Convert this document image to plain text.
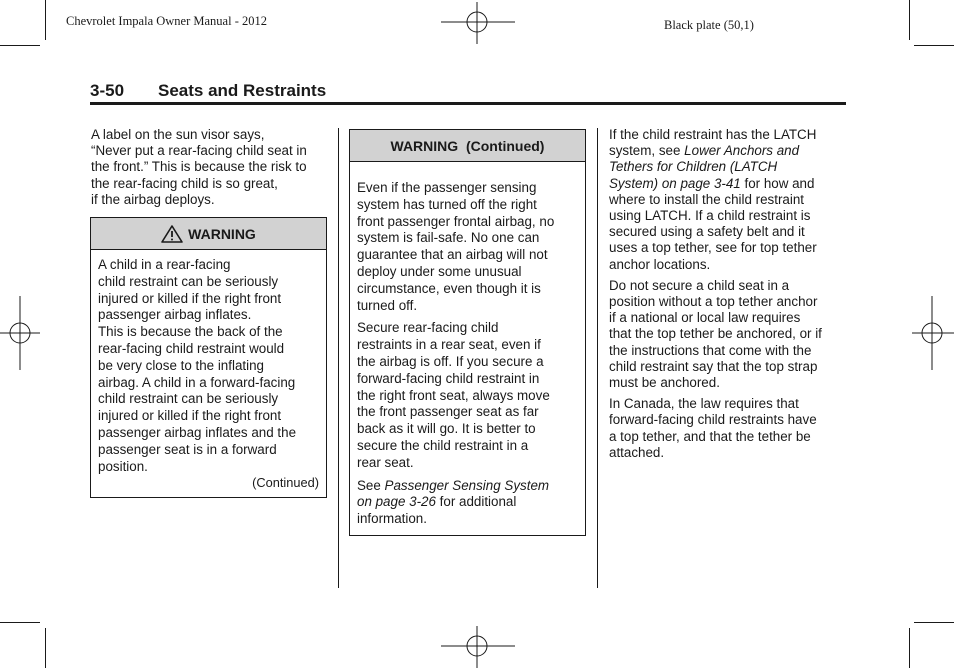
Chevrolet Impala Owner Manual - 2012	Black plate (50,1)
3-50 Seats and Restraints
A label on the sun visor says,
“Never put a rear-facing child seat in
the front.” This is because the risk to
the rear-facing child is so great,
if the airbag deploys.
WARNING
A child in a rear-facing
child restraint can be seriously
injured or killed if the right front
passenger airbag inflates.
This is because the back of the
rear-facing child restraint would
be very close to the inflating
airbag. A child in a forward-facing
child restraint can be seriously
injured or killed if the right front
passenger airbag inflates and the
passenger seat is in a forward
position.
(Continued)
WARNING  (Continued)

Even if the passenger sensing
system has turned off the right
front passenger frontal airbag, no
system is fail-safe. No one can
guarantee that an airbag will not
deploy under some unusual
circumstance, even though it is
turned off.

Secure rear-facing child
restraints in a rear seat, even if
the airbag is off. If you secure a
forward-facing child restraint in
the right front seat, always move
the front passenger seat as far
back as it will go. It is better to
secure the child restraint in a
rear seat.

See Passenger Sensing System
on page 3-26 for additional
information.

If the child restraint has the LATCH
system, see Lower Anchors and
Tethers for Children (LATCH
System) on page 3-41 for how and
where to install the child restraint
using LATCH. If a child restraint is
secured using a safety belt and it
uses a top tether, see for top tether
anchor locations.

Do not secure a child seat in a
position without a top tether anchor
if a national or local law requires
that the top tether be anchored, or if
the instructions that come with the
child restraint say that the top strap
must be anchored.

In Canada, the law requires that
forward-facing child restraints have
a top tether, and that the tether be
attached.
